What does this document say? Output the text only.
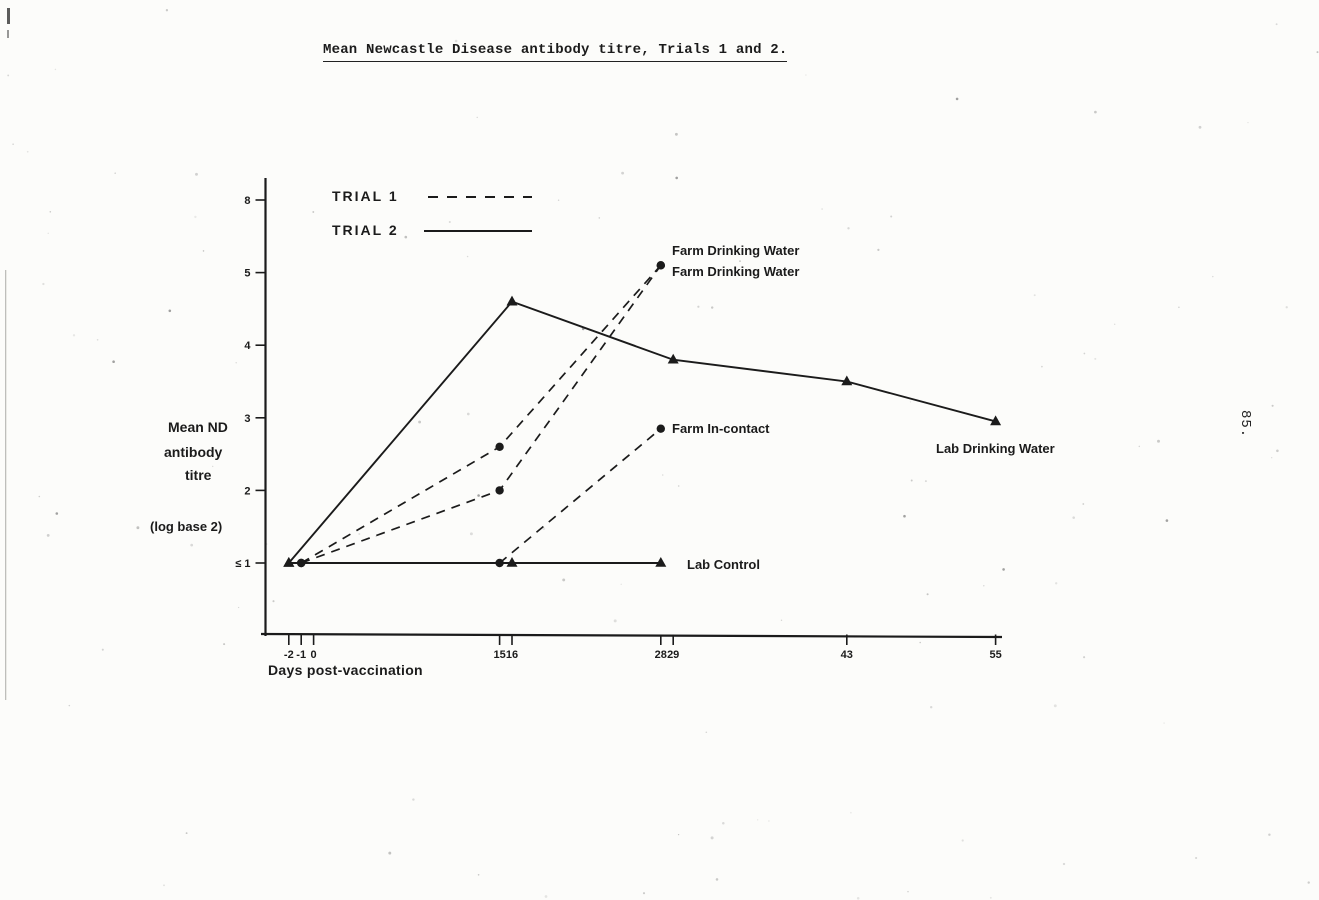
≤ 1
2
3
4
5
8
-2 -1 0	15 16	28 29	43	55
Mean Newcastle Disease antibody titre, Trials 1 and 2.
TRIAL 1
TRIAL 2
Mean ND
antibody
titre
(log base 2)
Days post-vaccination
Farm Drinking Water
Farm Drinking Water
Farm In-contact
Lab Control
Lab Drinking Water
85.
